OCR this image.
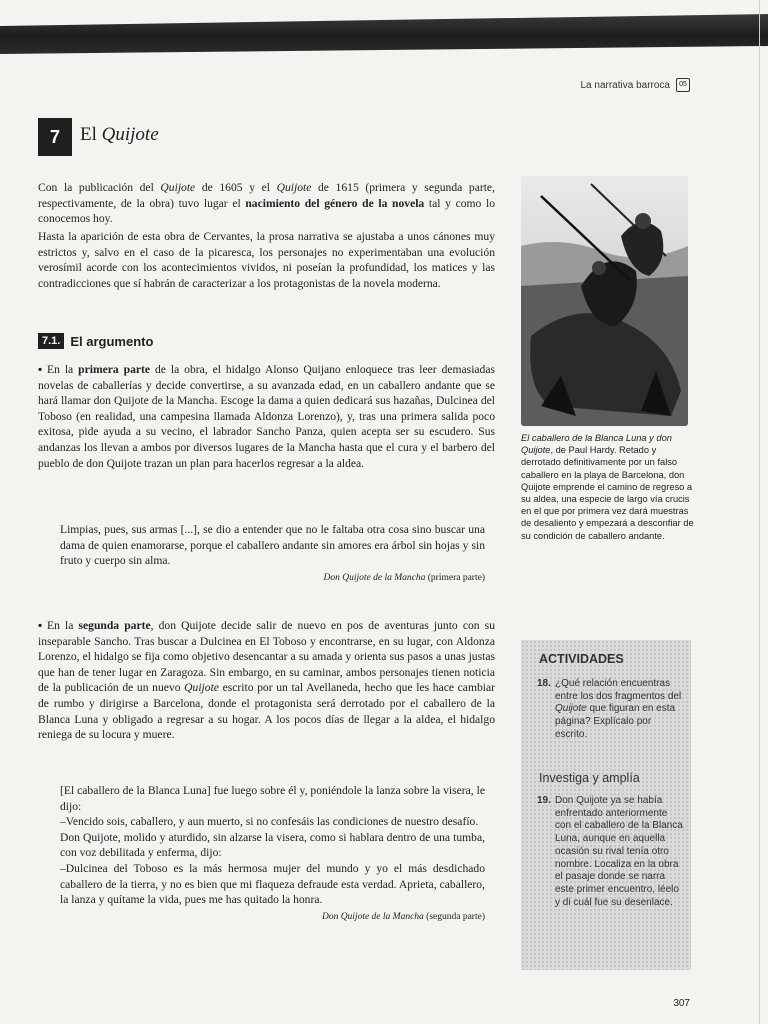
La narrativa barroca	05
7	El Quijote

Con la publicación del Quijote de 1605 y el Quijote de 1615 (primera y segunda parte, respectivamente, de la obra) tuvo lugar el nacimiento del género de la novela tal y como lo conocemos hoy.

Hasta la aparición de esta obra de Cervantes, la prosa narrativa se ajustaba a unos cánones muy estrictos y, salvo en el caso de la picaresca, los personajes no experimentaban una evolución verosímil acorde con los acontecimientos vividos, ni poseían la profundidad, los matices y las contradicciones que sí habrán de caracterizar a los protagonistas de la novela moderna.

7.1. El argumento
▪ En la primera parte de la obra, el hidalgo Alonso Quijano enloquece tras leer demasiadas novelas de caballerías y decide convertirse, a su avanzada edad, en un caballero andante que se hará llamar don Quijote de la Mancha. Escoge la dama a quien dedicará sus hazañas, Dulcinea del Toboso (en realidad, una campesina llamada Aldonza Lorenzo), y, tras una primera salida poco exitosa, pide ayuda a su vecino, el labrador Sancho Panza, quien acepta ser su escudero. Sus andanzas los llevan a ambos por diversos lugares de la Mancha hasta que el cura y el barbero del pueblo de don Quijote trazan un plan para hacerlos regresar a la aldea.

Limpias, pues, sus armas [...], se dio a entender que no le faltaba otra cosa sino buscar una dama de quien enamorarse, porque el caballero andante sin amores era árbol sin hojas y sin fruto y cuerpo sin alma.

Don Quijote de la Mancha (primera parte)
▪ En la segunda parte, don Quijote decide salir de nuevo en pos de aventuras junto con su inseparable Sancho. Tras buscar a Dulcinea en El Toboso y encontrarse, en su lugar, con Aldonza Lorenzo, el hidalgo se fija como objetivo desencantar a su amada y orienta sus pasos a unas justas que han de tener lugar en Zaragoza. Sin embargo, en su caminar, ambos personajes tienen noticia de la publicación de un nuevo Quijote escrito por un tal Avellaneda, hecho que les hace cambiar de rumbo y dirigirse a Barcelona, donde el protagonista será derrotado por el caballero de la Blanca Luna y obligado a regresar a su hogar. A los pocos días de llegar a la aldea, el hidalgo reniega de su locura y muere.

[El caballero de la Blanca Luna] fue luego sobre él y, poniéndole la lanza sobre la visera, le dijo:

–Vencido sois, caballero, y aun muerto, si no confesáis las condiciones de nuestro desafío.

Don Quijote, molido y aturdido, sin alzarse la visera, como si hablara dentro de una tumba, con voz debilitada y enferma, dijo:

–Dulcinea del Toboso es la más hermosa mujer del mundo y yo el más desdichado caballero de la tierra, y no es bien que mi flaqueza defraude esta verdad. Aprieta, caballero, la lanza y quítame la vida, pues me has quitado la honra.

Don Quijote de la Mancha (segunda parte)
El caballero de la Blanca Luna y don Quijote, de Paul Hardy. Retado y derrotado definitivamente por un falso caballero en la playa de Barcelona, don Quijote emprende el camino de regreso a su aldea, una especie de largo vía crucis en el que por primera vez dará muestras de desaliento y empezará a desconfiar de su condición de caballero andante.
ACTIVIDADES
18. ¿Qué relación encuentras entre los dos fragmentos del Quijote que figuran en esta página? Explícalo por escrito.
Investiga y amplía
19. Don Quijote ya se había enfrentado anteriormente con el caballero de la Blanca Luna, aunque en aquella ocasión su rival tenía otro nombre. Localiza en la obra el pasaje donde se narra este primer encuentro, léelo y di cuál fue su desenlace.
307
